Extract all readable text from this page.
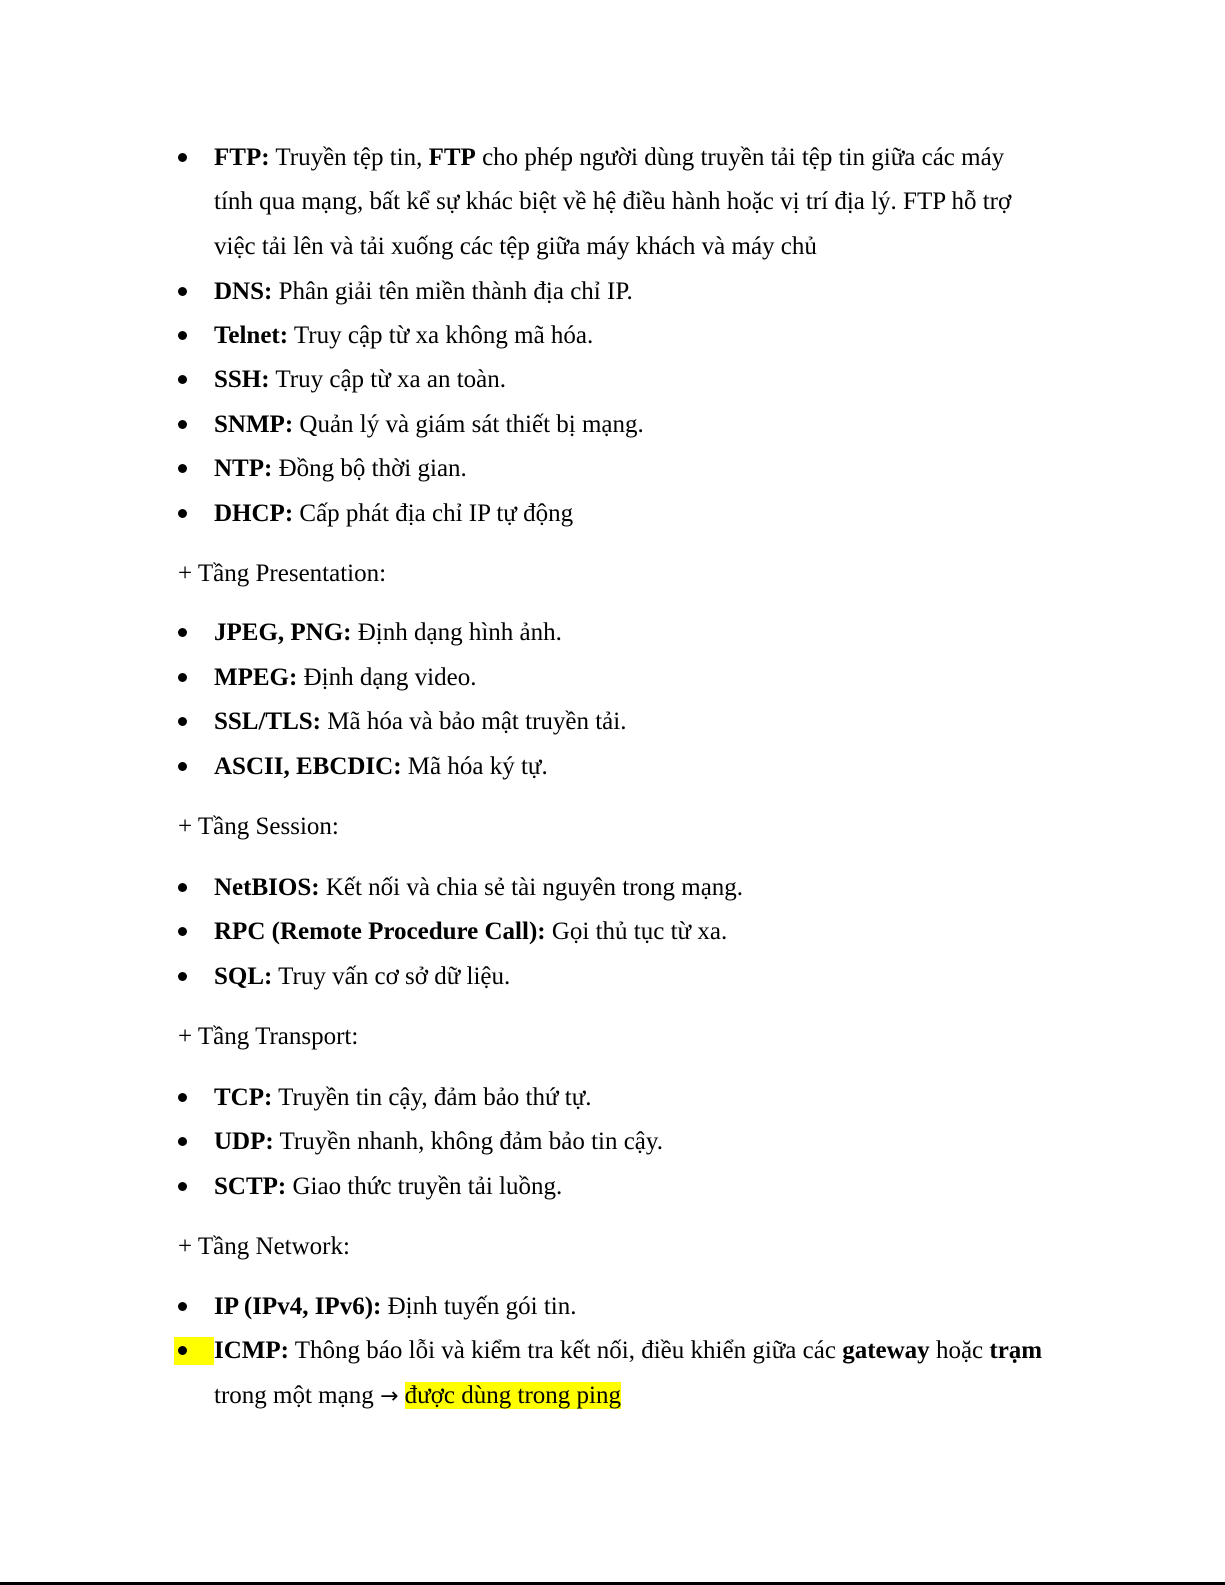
FTP: Truyền tệp tin, FTP cho phép người dùng truyền tải tệp tin giữa các máy
tính qua mạng, bất kể sự khác biệt về hệ điều hành hoặc vị trí địa lý. FTP hỗ trợ
việc tải lên và tải xuống các tệp giữa máy khách và máy chủ
DNS: Phân giải tên miền thành địa chỉ IP.
Telnet: Truy cập từ xa không mã hóa.
SSH: Truy cập từ xa an toàn.
SNMP: Quản lý và giám sát thiết bị mạng.
NTP: Đồng bộ thời gian.
DHCP: Cấp phát địa chỉ IP tự động
+ Tầng Presentation:
JPEG, PNG: Định dạng hình ảnh.
MPEG: Định dạng video.
SSL/TLS: Mã hóa và bảo mật truyền tải.
ASCII, EBCDIC: Mã hóa ký tự.
+ Tầng Session:
NetBIOS: Kết nối và chia sẻ tài nguyên trong mạng.
RPC (Remote Procedure Call): Gọi thủ tục từ xa.
SQL: Truy vấn cơ sở dữ liệu.
+ Tầng Transport:
TCP: Truyền tin cậy, đảm bảo thứ tự.
UDP: Truyền nhanh, không đảm bảo tin cậy.
SCTP: Giao thức truyền tải luồng.
+ Tầng Network:
IP (IPv4, IPv6): Định tuyến gói tin.
ICMP: Thông báo lỗi và kiểm tra kết nối, điều khiển giữa các gateway hoặc trạm
trong một mạng → được dùng trong ping
